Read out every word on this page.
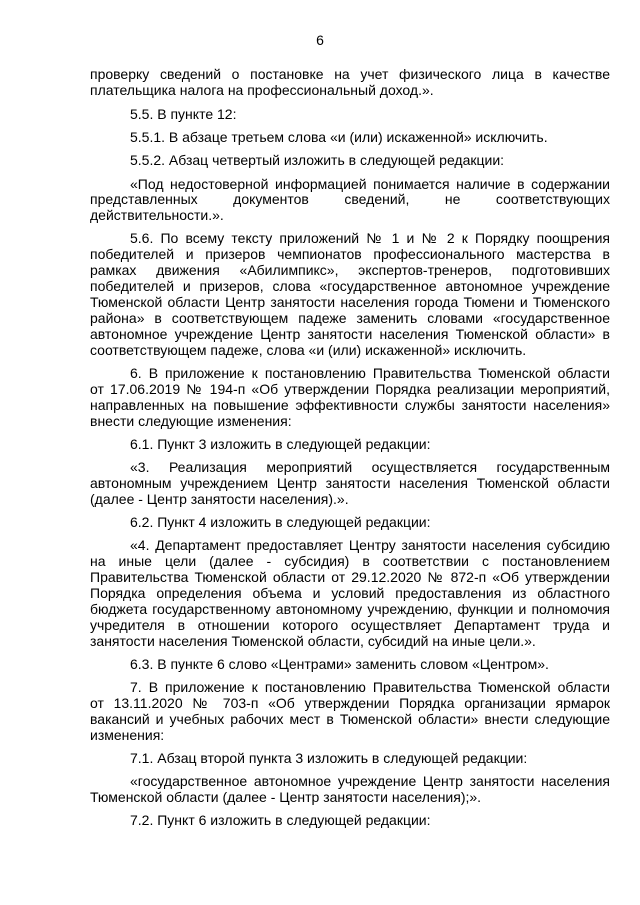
6
проверку сведений о постановке на учет физического лица в качестве
плательщика налога на профессиональный доход.».
5.5. В пункте 12:
5.5.1. В абзаце третьем слова «и (или) искаженной» исключить.
5.5.2. Абзац четвертый изложить в следующей редакции:
«Под недостоверной информацией понимается наличие в содержании
представленных документов сведений, не соответствующих
действительности.».
5.6. По всему тексту приложений № 1 и № 2 к Порядку поощрения
победителей и призеров чемпионатов профессионального мастерства в
рамках движения «Абилимпикс», экспертов-тренеров, подготовивших
победителей и призеров, слова «государственное автономное учреждение
Тюменской области Центр занятости населения города Тюмени и Тюменского
района» в соответствующем падеже заменить словами «государственное
автономное учреждение Центр занятости населения Тюменской области» в
соответствующем падеже, слова «и (или) искаженной» исключить.
6. В приложение к постановлению Правительства Тюменской области
от 17.06.2019 № 194-п «Об утверждении Порядка реализации мероприятий,
направленных на повышение эффективности службы занятости населения»
внести следующие изменения:
6.1. Пункт 3 изложить в следующей редакции:
«3. Реализация мероприятий осуществляется государственным
автономным учреждением Центр занятости населения Тюменской области
(далее - Центр занятости населения).».
6.2. Пункт 4 изложить в следующей редакции:
«4. Департамент предоставляет Центру занятости населения субсидию
на иные цели (далее - субсидия) в соответствии с постановлением
Правительства Тюменской области от 29.12.2020 № 872-п «Об утверждении
Порядка определения объема и условий предоставления из областного
бюджета государственному автономному учреждению, функции и полномочия
учредителя в отношении которого осуществляет Департамент труда и
занятости населения Тюменской области, субсидий на иные цели.».
6.3. В пункте 6 слово «Центрами» заменить словом «Центром».
7. В приложение к постановлению Правительства Тюменской области
от 13.11.2020 № 703-п «Об утверждении Порядка организации ярмарок
вакансий и учебных рабочих мест в Тюменской области» внести следующие
изменения:
7.1. Абзац второй пункта 3 изложить в следующей редакции:
«государственное автономное учреждение Центр занятости населения
Тюменской области (далее - Центр занятости населения);».
7.2. Пункт 6 изложить в следующей редакции:
